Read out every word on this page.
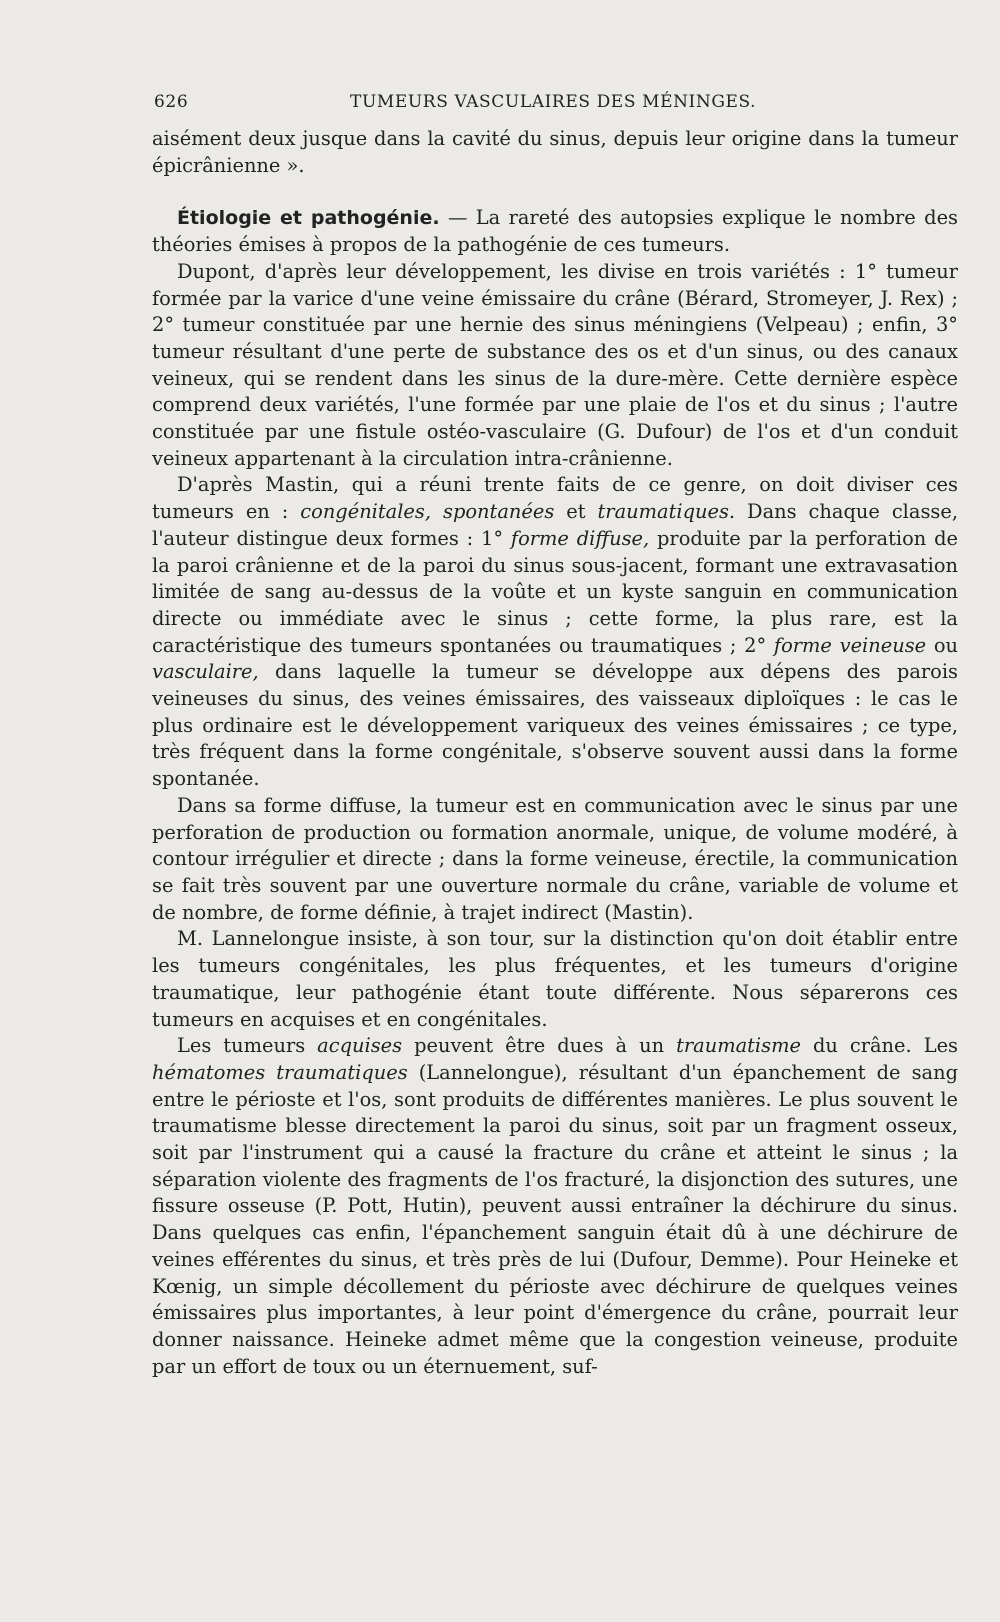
626	TUMEURS VASCULAIRES DES MÉNINGES.

aisément deux jusque dans la cavité du sinus, depuis leur origine dans la tumeur épicrânienne ».

Étiologie et pathogénie. — La rareté des autopsies explique le nombre des théories émises à propos de la pathogénie de ces tumeurs.

Dupont, d'après leur développement, les divise en trois variétés : 1° tumeur formée par la varice d'une veine émissaire du crâne (Bérard, Stromeyer, J. Rex) ; 2° tumeur constituée par une hernie des sinus méningiens (Velpeau) ; enfin, 3° tumeur résultant d'une perte de substance des os et d'un sinus, ou des canaux veineux, qui se rendent dans les sinus de la dure-mère. Cette dernière espèce comprend deux variétés, l'une formée par une plaie de l'os et du sinus ; l'autre constituée par une fistule ostéo-vasculaire (G. Dufour) de l'os et d'un conduit veineux appartenant à la circulation intra-crânienne.

D'après Mastin, qui a réuni trente faits de ce genre, on doit diviser ces tumeurs en : congénitales, spontanées et traumatiques. Dans chaque classe, l'auteur distingue deux formes : 1° forme diffuse, produite par la perforation de la paroi crânienne et de la paroi du sinus sous-jacent, formant une extravasation limitée de sang au-dessus de la voûte et un kyste sanguin en communication directe ou immédiate avec le sinus ; cette forme, la plus rare, est la caractéristique des tumeurs spontanées ou traumatiques ; 2° forme veineuse ou vasculaire, dans laquelle la tumeur se développe aux dépens des parois veineuses du sinus, des veines émissaires, des vaisseaux diploïques : le cas le plus ordinaire est le développement variqueux des veines émissaires ; ce type, très fréquent dans la forme congénitale, s'observe souvent aussi dans la forme spontanée.

Dans sa forme diffuse, la tumeur est en communication avec le sinus par une perforation de production ou formation anormale, unique, de volume modéré, à contour irrégulier et directe ; dans la forme veineuse, érectile, la communication se fait très souvent par une ouverture normale du crâne, variable de volume et de nombre, de forme définie, à trajet indirect (Mastin).

M. Lannelongue insiste, à son tour, sur la distinction qu'on doit établir entre les tumeurs congénitales, les plus fréquentes, et les tumeurs d'origine traumatique, leur pathogénie étant toute différente. Nous séparerons ces tumeurs en acquises et en congénitales.

Les tumeurs acquises peuvent être dues à un traumatisme du crâne. Les hématomes traumatiques (Lannelongue), résultant d'un épanchement de sang entre le périoste et l'os, sont produits de différentes manières. Le plus souvent le traumatisme blesse directement la paroi du sinus, soit par un fragment osseux, soit par l'instrument qui a causé la fracture du crâne et atteint le sinus ; la séparation violente des fragments de l'os fracturé, la disjonction des sutures, une fissure osseuse (P. Pott, Hutin), peuvent aussi entraîner la déchirure du sinus. Dans quelques cas enfin, l'épanchement sanguin était dû à une déchirure de veines efférentes du sinus, et très près de lui (Dufour, Demme). Pour Heineke et Kœnig, un simple décollement du périoste avec déchirure de quelques veines émissaires plus importantes, à leur point d'émergence du crâne, pourrait leur donner naissance. Heineke admet même que la congestion veineuse, produite par un effort de toux ou un éternuement, suf-
